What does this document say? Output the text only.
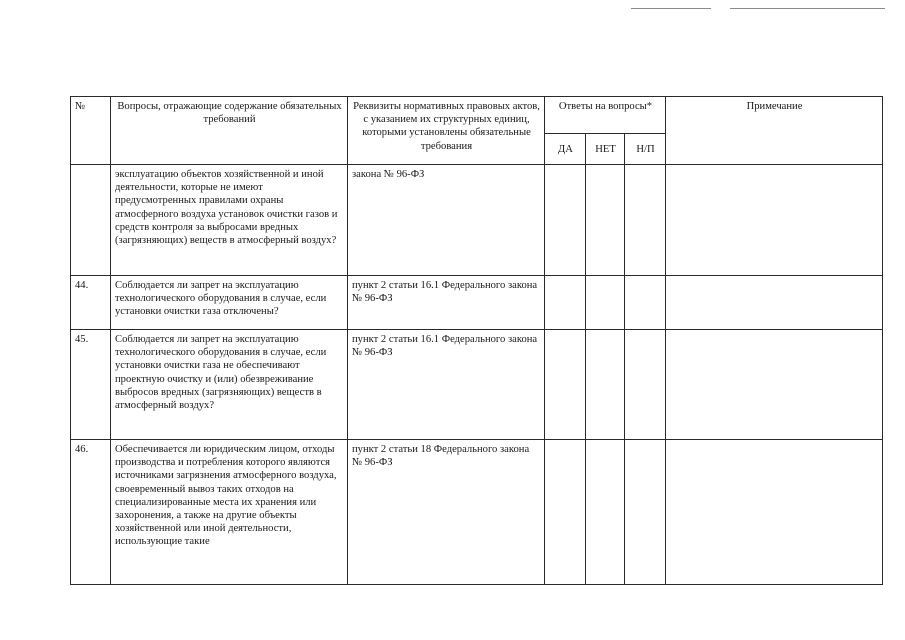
№	Вопросы, отражающие содержание обязательных требований	Реквизиты нормативных правовых актов, с указанием их структурных единиц, которыми установлены обязательные требования	Ответы на вопросы*			Примечание
			ДА	НЕТ	Н/П	
	эксплуатацию объектов хозяйственной и иной деятельности, которые не имеют предусмотренных правилами охраны атмосферного воздуха установок очистки газов и средств контроля за выбросами вредных (загрязняющих) веществ в атмосферный воздух?	закона № 96-ФЗ				
44.	Соблюдается ли запрет на эксплуатацию технологического оборудования в случае, если установки очистки газа отключены?	пункт 2 статьи 16.1 Федерального закона № 96-ФЗ				
45.	Соблюдается ли запрет на эксплуатацию технологического оборудования в случае, если установки очистки газа не обеспечивают проектную очистку и (или) обезвреживание выбросов вредных (загрязняющих) веществ в атмосферный воздух?	пункт 2 статьи 16.1 Федерального закона № 96-ФЗ				
46.	Обеспечивается ли юридическим лицом, отходы производства и потребления которого являются источниками загрязнения атмосферного воздуха, своевременный вывоз таких отходов на специализированные места их хранения или захоронения, а также на другие объекты хозяйственной или иной деятельности, использующие такие	пункт 2 статьи 18 Федерального закона № 96-ФЗ				
